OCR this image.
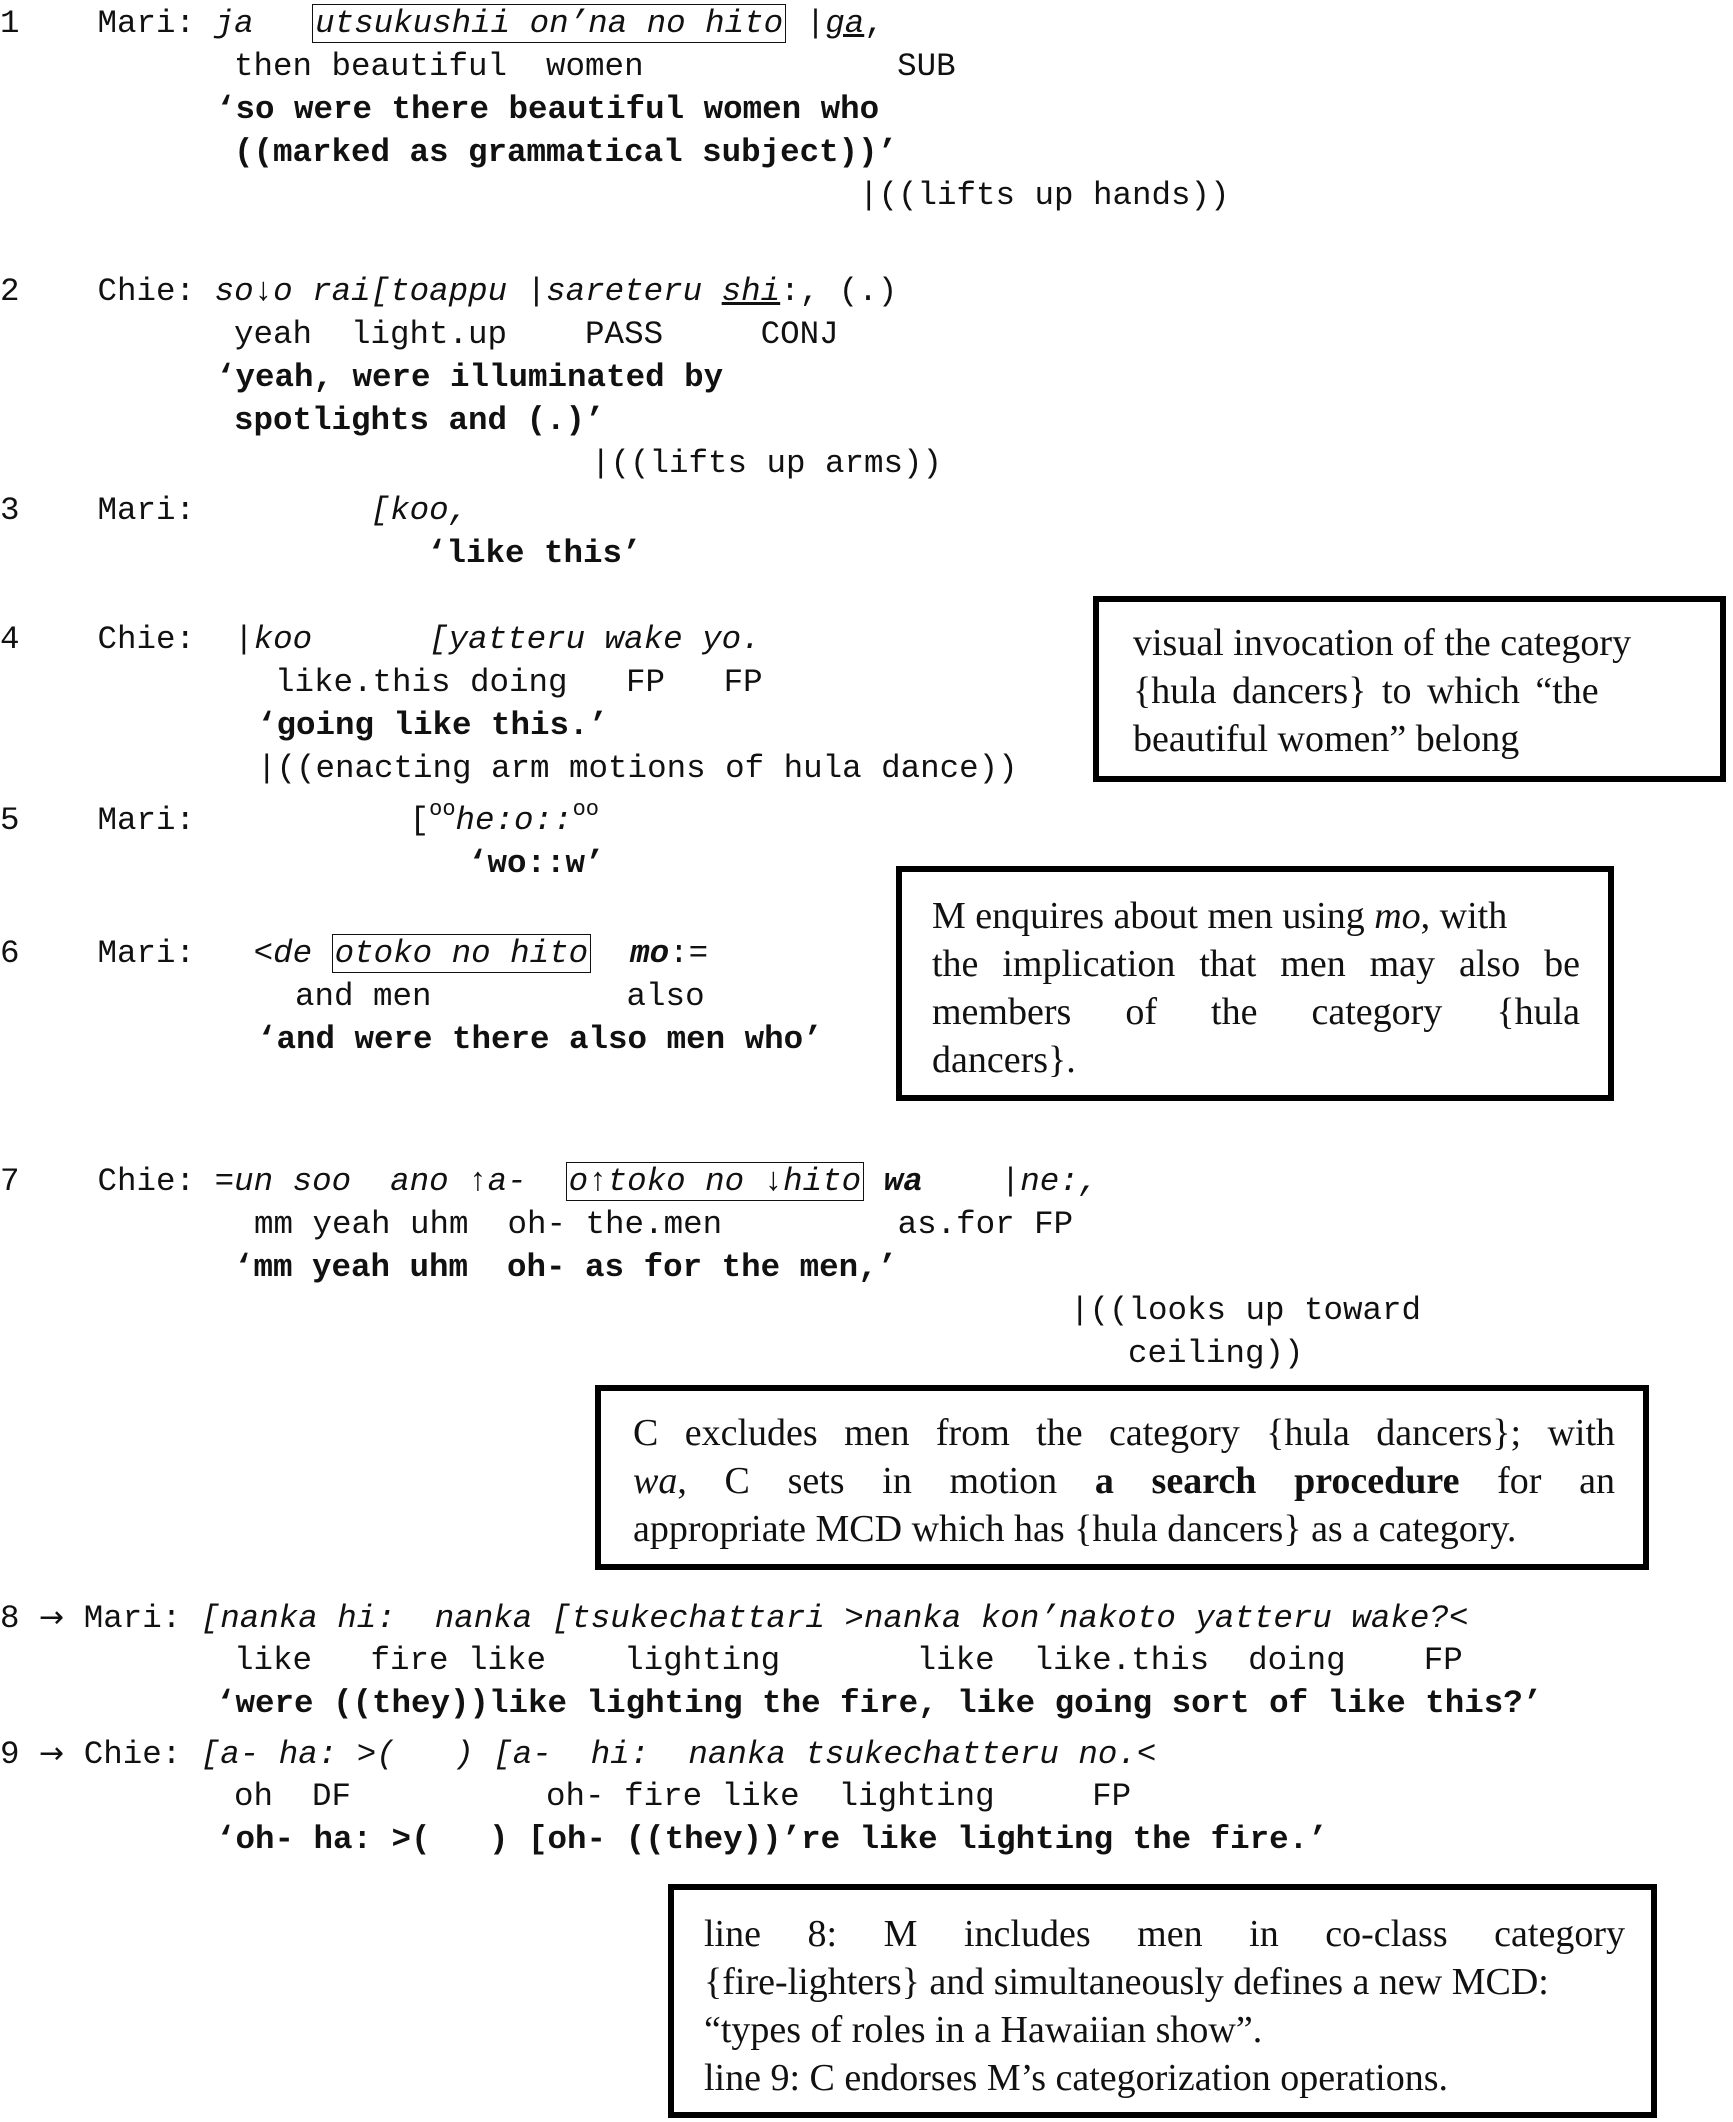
1 Mari: ja utsukushii on’na no hito |ga,
then beautiful  women             SUB
‘so were there beautiful women who
((marked as grammatical subject))’
|((lifts up hands))
2 Chie: so↓o rai[toappu |sareteru shi:, (.)
yeah  light.up    PASS     CONJ
‘yeah, were illuminated by
spotlights and (.)’
|((lifts up arms))
3 Mari:	[koo,
‘like this’
4 Chie: |koo      [yatteru wake yo.
like.this doing   FP   FP
‘going like this.’
|((enacting arm motions of hula dance))
5 Mari:	[$^{oo}$he:o::$^{oo}$
‘wo::w’
6 Mari: <de otoko no hito mo:=
and men          also
‘and were there also men who’
7 Chie: =un soo  ano ↑a-  o↑toko no ↓hito wa    |ne:,
mm yeah uhm  oh- the.men         as.for FP
‘mm yeah uhm  oh- as for the men,’
|((looks up toward
ceiling))
8 → Mari: [nanka hi:  nanka [tsukechattari >nanka kon’nakoto yatteru wake?<
like   fire like    lighting       like  like.this  doing    FP
‘were ((they))like lighting the fire, like going sort of like this?’
9 → Chie: [a- ha: >(   ) [a-  hi:  nanka tsukechatteru no.<
oh  DF          oh- fire like  lighting     FP
‘oh- ha: >(   ) [oh- ((they))’re like lighting the fire.’
visual invocation of the category
{hula dancers} to which “the
beautiful women” belong
M enquires about men using mo, with
the implication that men may also be
members of the category {hula
dancers}.
C excludes men from the category {hula dancers}; with
wa, C sets in motion a search procedure for an
appropriate MCD which has {hula dancers} as a category.
line 8: M includes men in co-class category
{fire-lighters} and simultaneously defines a new MCD:
“types of roles in a Hawaiian show”.
line 9: C endorses M’s categorization operations.
